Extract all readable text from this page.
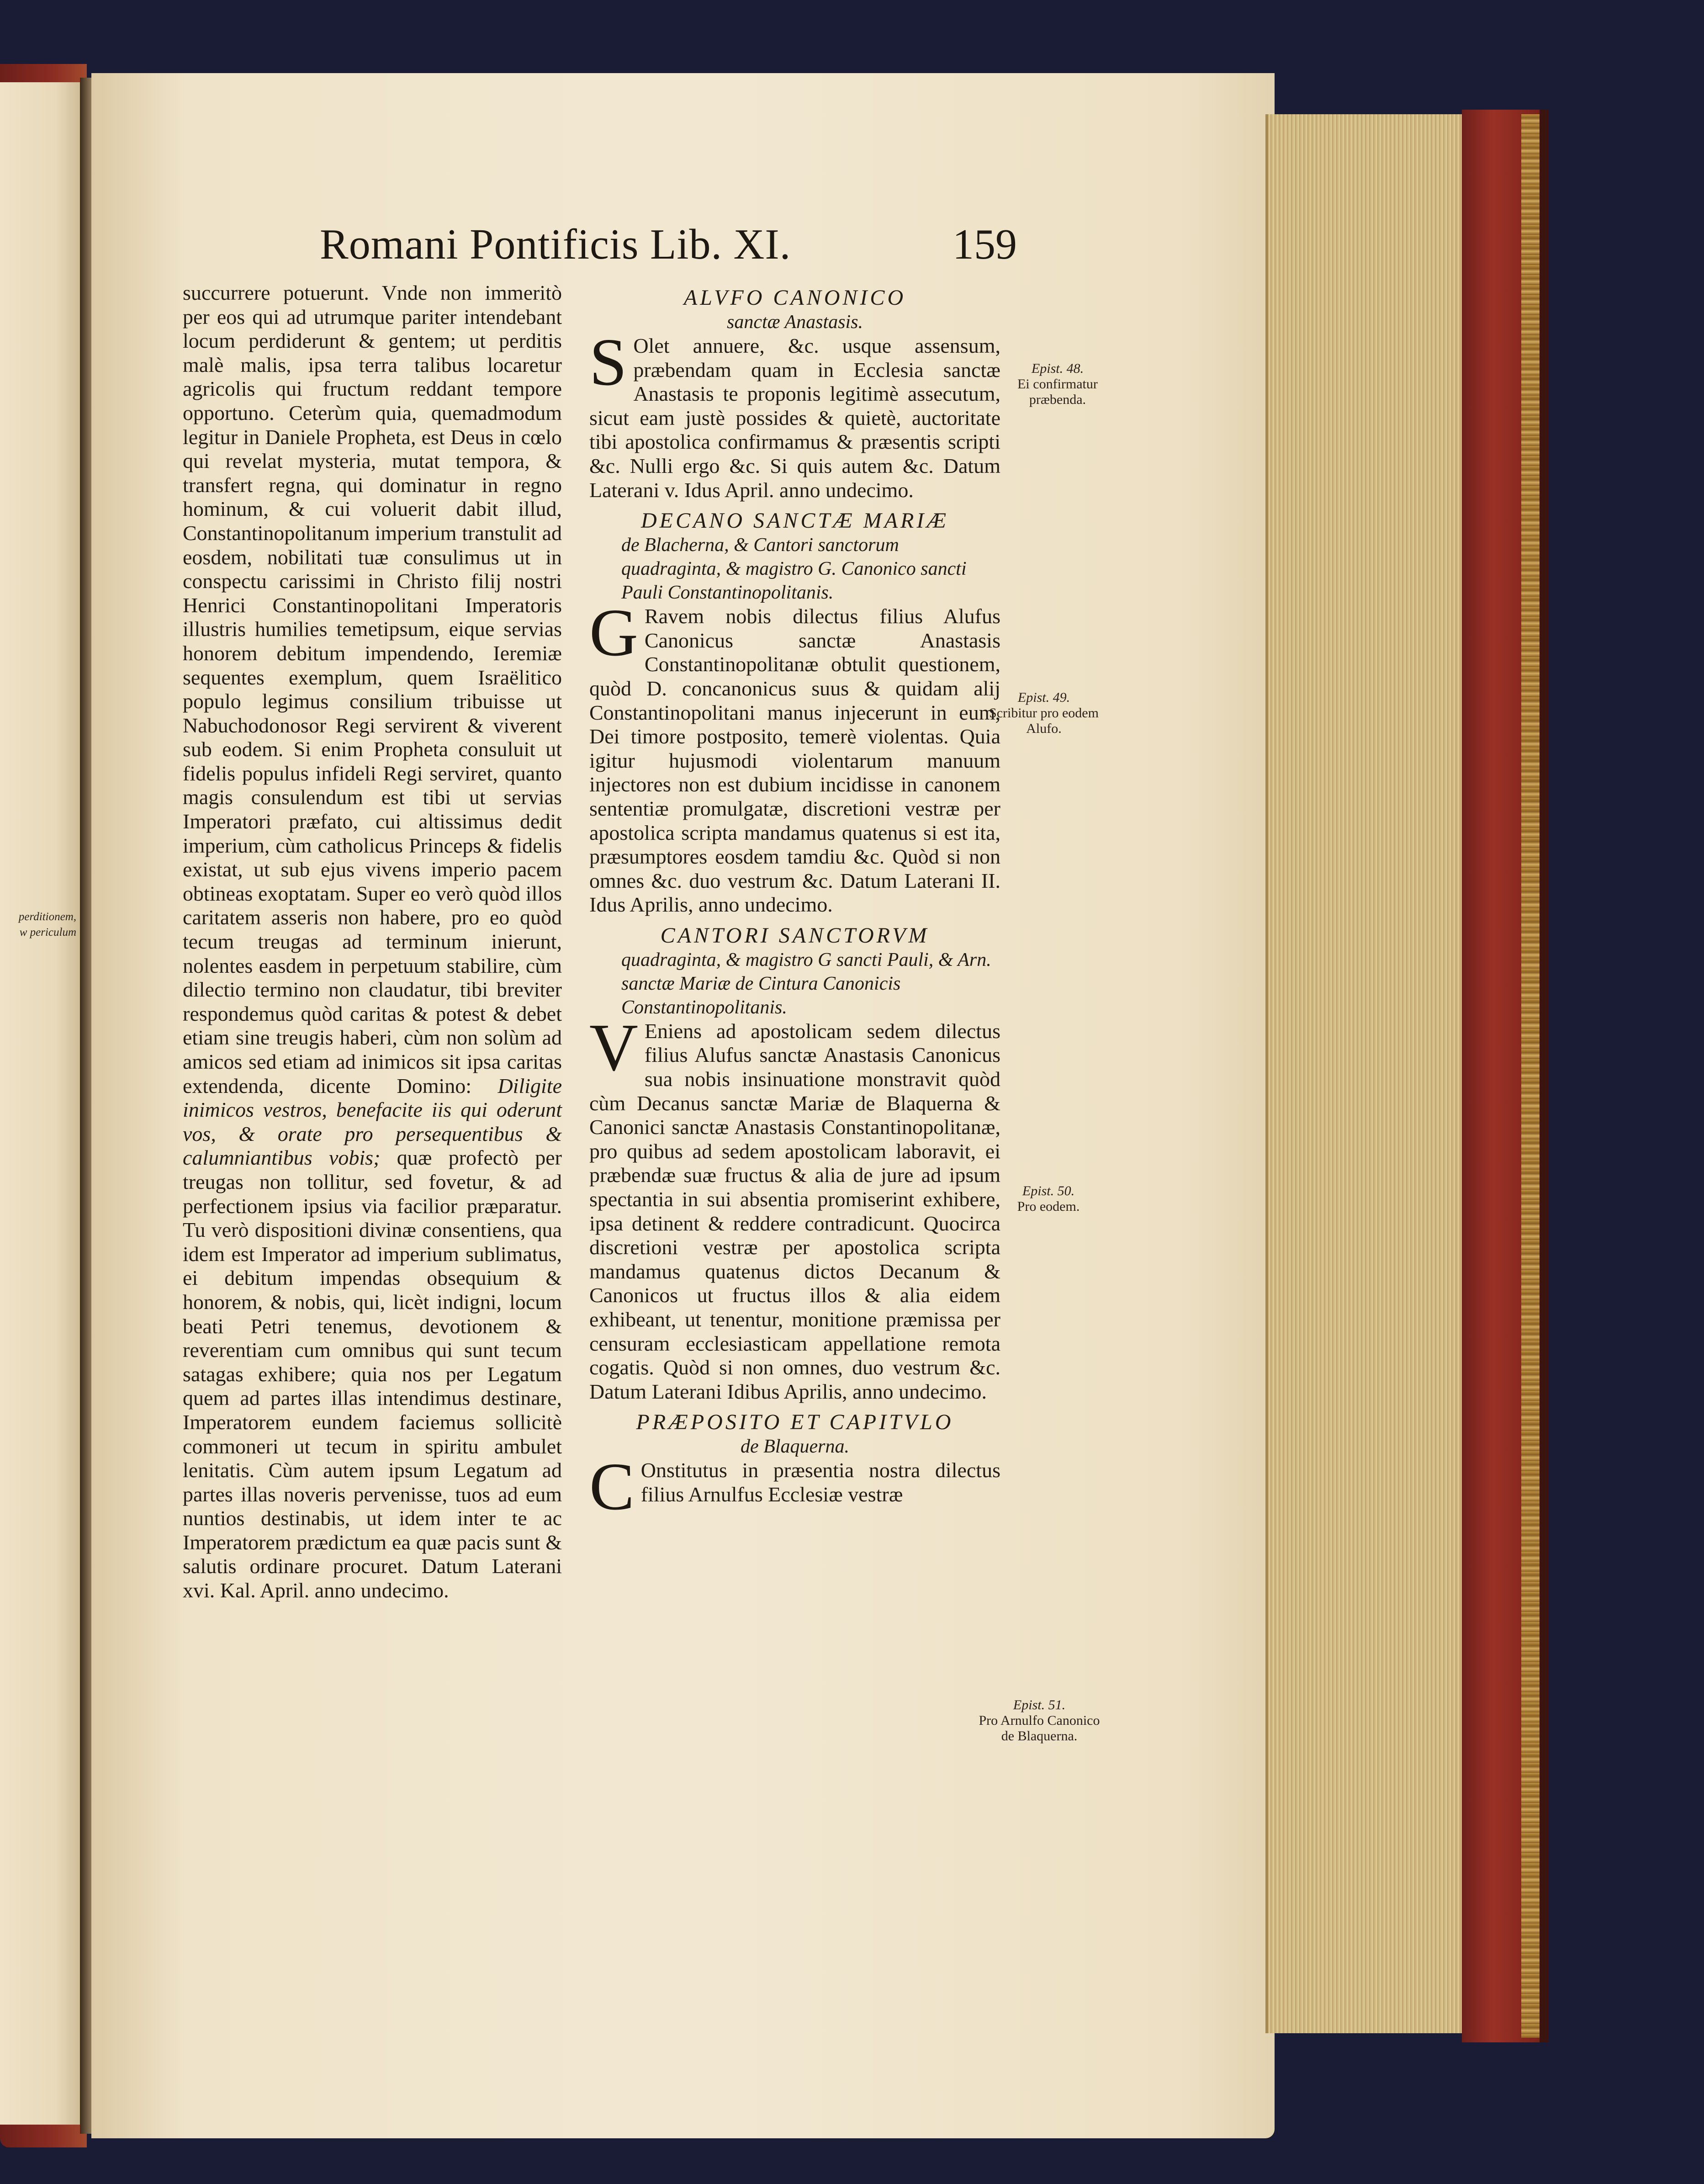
perditionem,
w periculum
Romani Pontificis Lib. XI.	159

succurrere potuerunt. Vnde non immeritò per eos qui ad utrumque pariter intendebant locum perdiderunt & gentem; ut perditis malè malis, ipsa terra talibus locaretur agricolis qui fructum reddant tempore opportuno. Ceterùm quia, quemadmodum legitur in Daniele Propheta, est Deus in cœlo qui revelat mysteria, mutat tempora, & transfert regna, qui dominatur in regno hominum, & cui voluerit dabit illud, Constantinopolitanum imperium transtulit ad eosdem, nobilitati tuæ consulimus ut in conspectu carissimi in Christo filij nostri Henrici Constantinopolitani Imperatoris illustris humilies temetipsum, eique servias honorem debitum impendendo, Ieremiæ sequentes exemplum, quem Israëlitico populo legimus consilium tribuisse ut Nabuchodonosor Regi servirent & viverent sub eodem. Si enim Propheta consuluit ut fidelis populus infideli Regi serviret, quanto magis consulendum est tibi ut servias Imperatori præfato, cui altissimus dedit imperium, cùm catholicus Princeps & fidelis existat, ut sub ejus vivens imperio pacem obtineas exoptatam. Super eo verò quòd illos caritatem asseris non habere, pro eo quòd tecum treugas ad terminum inierunt, nolentes easdem in perpetuum stabilire, cùm dilectio termino non claudatur, tibi breviter respondemus quòd caritas & potest & debet etiam sine treugis haberi, cùm non solùm ad amicos sed etiam ad inimicos sit ipsa caritas extendenda, dicente Domino: Diligite inimicos vestros, benefacite iis qui oderunt vos, & orate pro persequentibus & calumniantibus vobis; quæ profectò per treugas non tollitur, sed fovetur, & ad perfectionem ipsius via facilior præparatur. Tu verò dispositioni divinæ consentiens, qua idem est Imperator ad imperium sublimatus, ei debitum impendas obsequium & honorem, & nobis, qui, licèt indigni, locum beati Petri tenemus, devotionem & reverentiam cum omnibus qui sunt tecum satagas exhibere; quia nos per Legatum quem ad partes illas intendimus destinare, Imperatorem eundem faciemus sollicitè commoneri ut tecum in spiritu ambulet lenitatis. Cùm autem ipsum Legatum ad partes illas noveris pervenisse, tuos ad eum nuntios destinabis, ut idem inter te ac Imperatorem prædictum ea quæ pacis sunt & salutis ordinare procuret. Datum Laterani xvi. Kal. April. anno undecimo.

ALVFO CANONICO

sanctæ Anastasis.

S Olet annuere, &c. usque assensum, præbendam quam in Ecclesia sanctæ Anastasis te proponis legitimè assecutum, sicut eam justè possides & quietè, auctoritate tibi apostolica confirmamus & præsentis scripti &c. Nulli ergo &c. Si quis autem &c. Datum Laterani v. Idus April. anno undecimo.

DECANO SANCTÆ MARIÆ

de Blacherna, & Cantori sanctorum quadraginta, & magistro G. Canonico sancti Pauli Constantinopolitanis.

G Ravem nobis dilectus filius Alufus Canonicus sanctæ Anastasis Constantinopolitanæ obtulit questionem, quòd D. concanonicus suus & quidam alij Constantinopolitani manus injecerunt in eum, Dei timore postposito, temerè violentas. Quia igitur hujusmodi violentarum manuum injectores non est dubium incidisse in canonem sententiæ promulgatæ, discretioni vestræ per apostolica scripta mandamus quatenus si est ita, præsumptores eosdem tamdiu &c. Quòd si non omnes &c. duo vestrum &c. Datum Laterani II. Idus Aprilis, anno undecimo.

CANTORI SANCTORVM

quadraginta, & magistro G sancti Pauli, & Arn. sanctæ Mariæ de Cintura Canonicis Constantinopolitanis.

V Eniens ad apostolicam sedem dilectus filius Alufus sanctæ Anastasis Canonicus sua nobis insinuatione monstravit quòd cùm Decanus sanctæ Mariæ de Blaquerna & Canonici sanctæ Anastasis Constantinopolitanæ, pro quibus ad sedem apostolicam laboravit, ei præbendæ suæ fructus & alia de jure ad ipsum spectantia in sui absentia promiserint exhibere, ipsa detinent & reddere contradicunt. Quocirca discretioni vestræ per apostolica scripta mandamus quatenus dictos Decanum & Canonicos ut fructus illos & alia eidem exhibeant, ut tenentur, monitione præmissa per censuram ecclesiasticam appellatione remota cogatis. Quòd si non omnes, duo vestrum &c. Datum Laterani Idibus Aprilis, anno undecimo.

PRÆPOSITO ET CAPITVLO

de Blaquerna.

C Onstitutus in præsentia nostra dilectus filius Arnulfus Ecclesiæ vestræ

Epist. 48.
Ei confirmatur præbenda.
Epist. 49.
Scribitur pro eodem Alufo.
Epist. 50.
Pro eodem.
Epist. 51.
Pro Arnulfo Canonico de Blaquerna.
